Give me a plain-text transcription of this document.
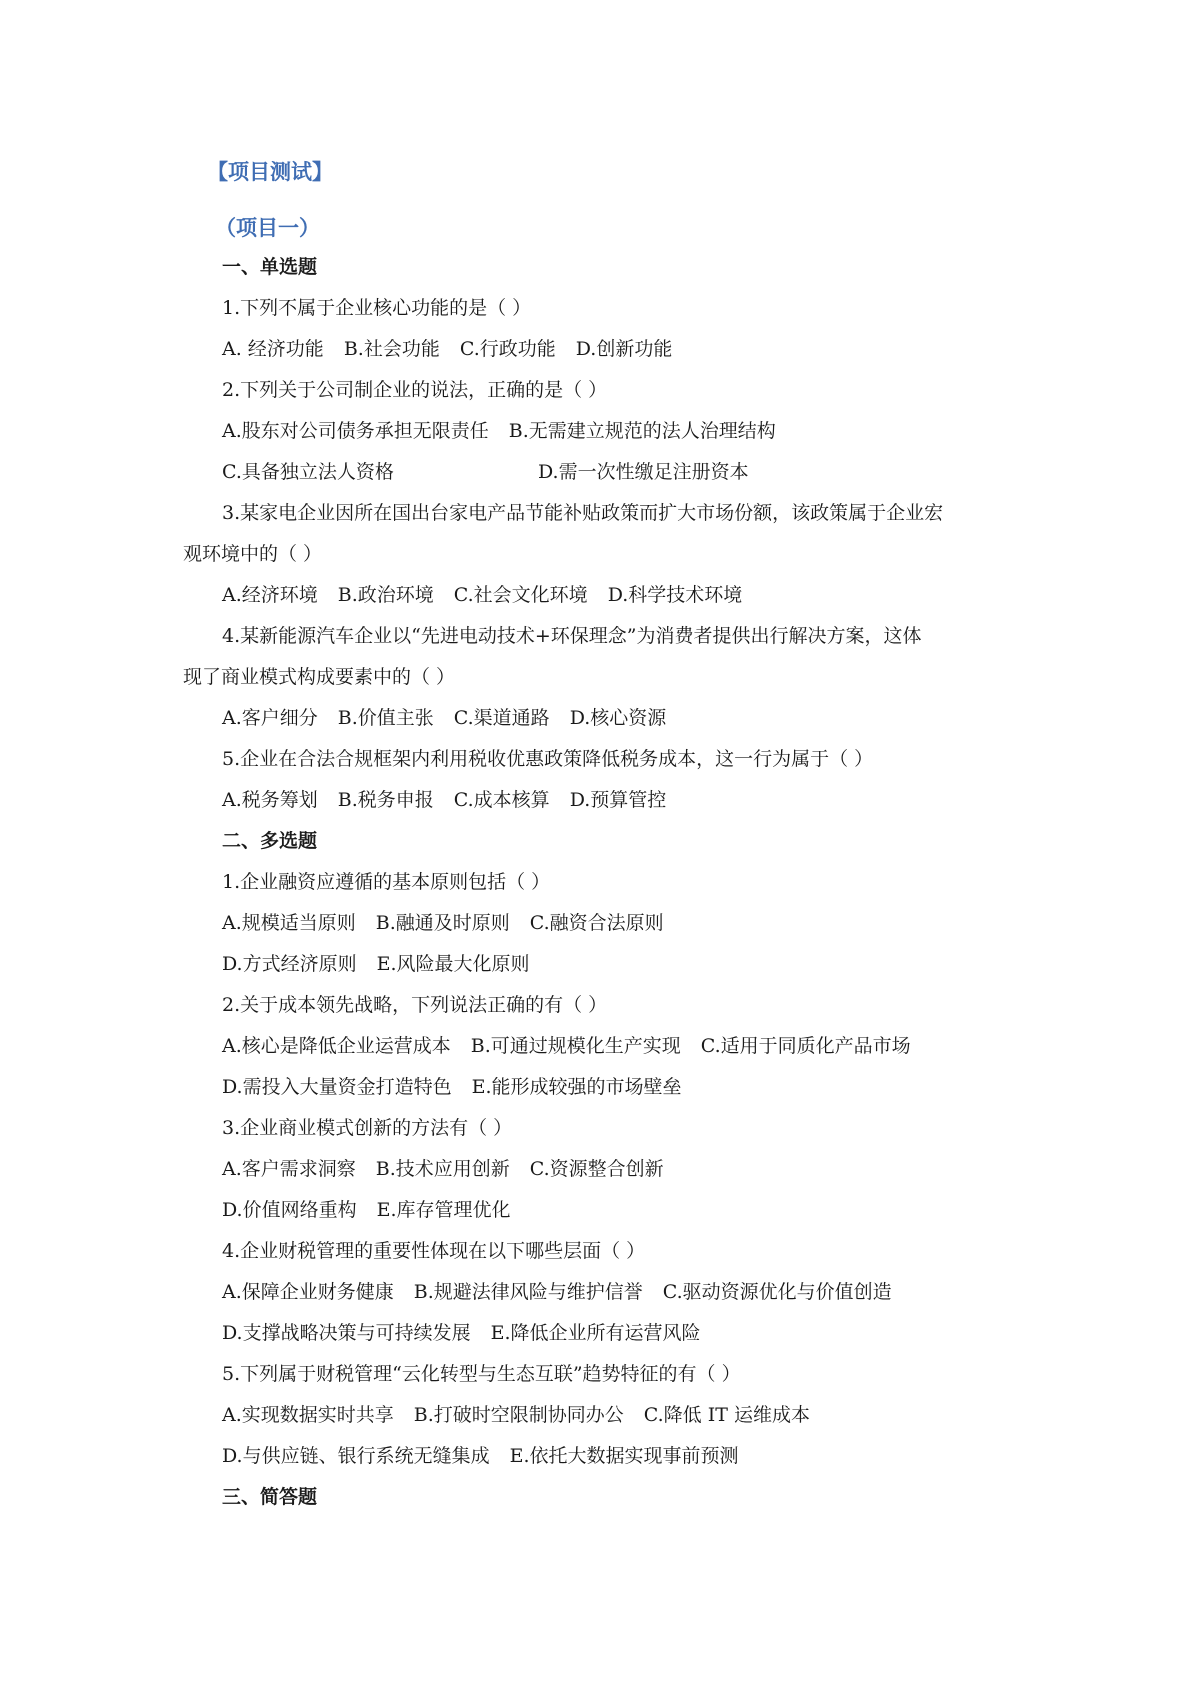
【项目测试】
（项目一）
一、单选题
1.下列不属于企业核心功能的是（ ）
A. 经济功能 B.社会功能 C.行政功能 D.创新功能
2.下列关于公司制企业的说法，正确的是（ ）
A.股东对公司债务承担无限责任 B.无需建立规范的法人治理结构
C.具备独立法人资格	D.需一次性缴足注册资本
3.某家电企业因所在国出台家电产品节能补贴政策而扩大市场份额，该政策属于企业宏
观环境中的（ ）
A.经济环境 B.政治环境 C.社会文化环境 D.科学技术环境
4.某新能源汽车企业以“先进电动技术+环保理念”为消费者提供出行解决方案，这体
现了商业模式构成要素中的（ ）
A.客户细分 B.价值主张 C.渠道通路 D.核心资源
5.企业在合法合规框架内利用税收优惠政策降低税务成本，这一行为属于（ ）
A.税务筹划 B.税务申报 C.成本核算 D.预算管控
二、多选题
1.企业融资应遵循的基本原则包括（ ）
A.规模适当原则 B.融通及时原则 C.融资合法原则
D.方式经济原则 E.风险最大化原则
2.关于成本领先战略，下列说法正确的有（ ）
A.核心是降低企业运营成本 B.可通过规模化生产实现 C.适用于同质化产品市场
D.需投入大量资金打造特色 E.能形成较强的市场壁垒
3.企业商业模式创新的方法有（ ）
A.客户需求洞察 B.技术应用创新 C.资源整合创新
D.价值网络重构 E.库存管理优化
4.企业财税管理的重要性体现在以下哪些层面（ ）
A.保障企业财务健康 B.规避法律风险与维护信誉 C.驱动资源优化与价值创造
D.支撑战略决策与可持续发展 E.降低企业所有运营风险
5.下列属于财税管理“云化转型与生态互联”趋势特征的有（ ）
A.实现数据实时共享 B.打破时空限制协同办公 C.降低 IT 运维成本
D.与供应链、银行系统无缝集成 E.依托大数据实现事前预测
三、简答题
